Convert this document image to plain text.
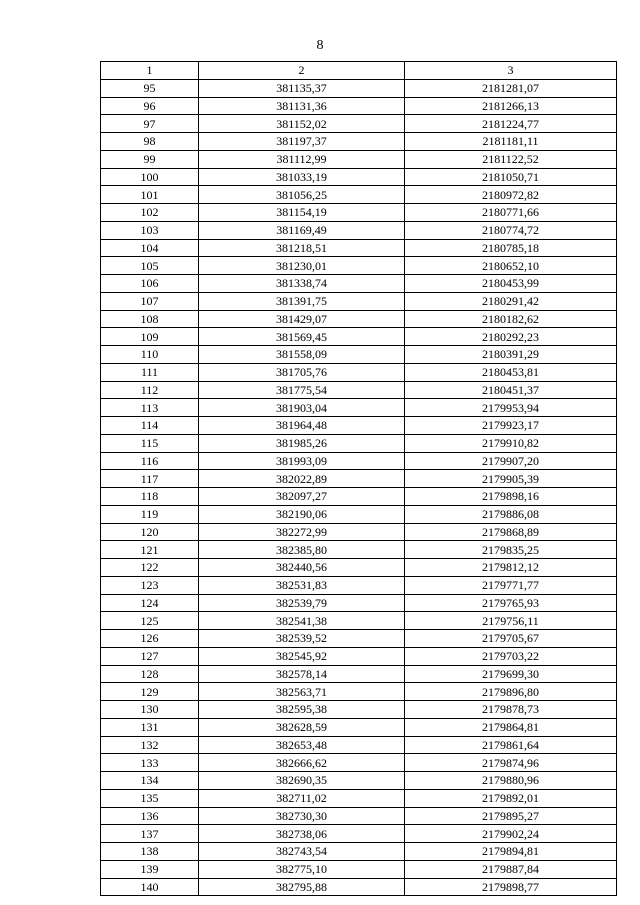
8
1	2	3
95	381135,37	2181281,07
96	381131,36	2181266,13
97	381152,02	2181224,77
98	381197,37	2181181,11
99	381112,99	2181122,52
100	381033,19	2181050,71
101	381056,25	2180972,82
102	381154,19	2180771,66
103	381169,49	2180774,72
104	381218,51	2180785,18
105	381230,01	2180652,10
106	381338,74	2180453,99
107	381391,75	2180291,42
108	381429,07	2180182,62
109	381569,45	2180292,23
110	381558,09	2180391,29
111	381705,76	2180453,81
112	381775,54	2180451,37
113	381903,04	2179953,94
114	381964,48	2179923,17
115	381985,26	2179910,82
116	381993,09	2179907,20
117	382022,89	2179905,39
118	382097,27	2179898,16
119	382190,06	2179886,08
120	382272,99	2179868,89
121	382385,80	2179835,25
122	382440,56	2179812,12
123	382531,83	2179771,77
124	382539,79	2179765,93
125	382541,38	2179756,11
126	382539,52	2179705,67
127	382545,92	2179703,22
128	382578,14	2179699,30
129	382563,71	2179896,80
130	382595,38	2179878,73
131	382628,59	2179864,81
132	382653,48	2179861,64
133	382666,62	2179874,96
134	382690,35	2179880,96
135	382711,02	2179892,01
136	382730,30	2179895,27
137	382738,06	2179902,24
138	382743,54	2179894,81
139	382775,10	2179887,84
140	382795,88	2179898,77
